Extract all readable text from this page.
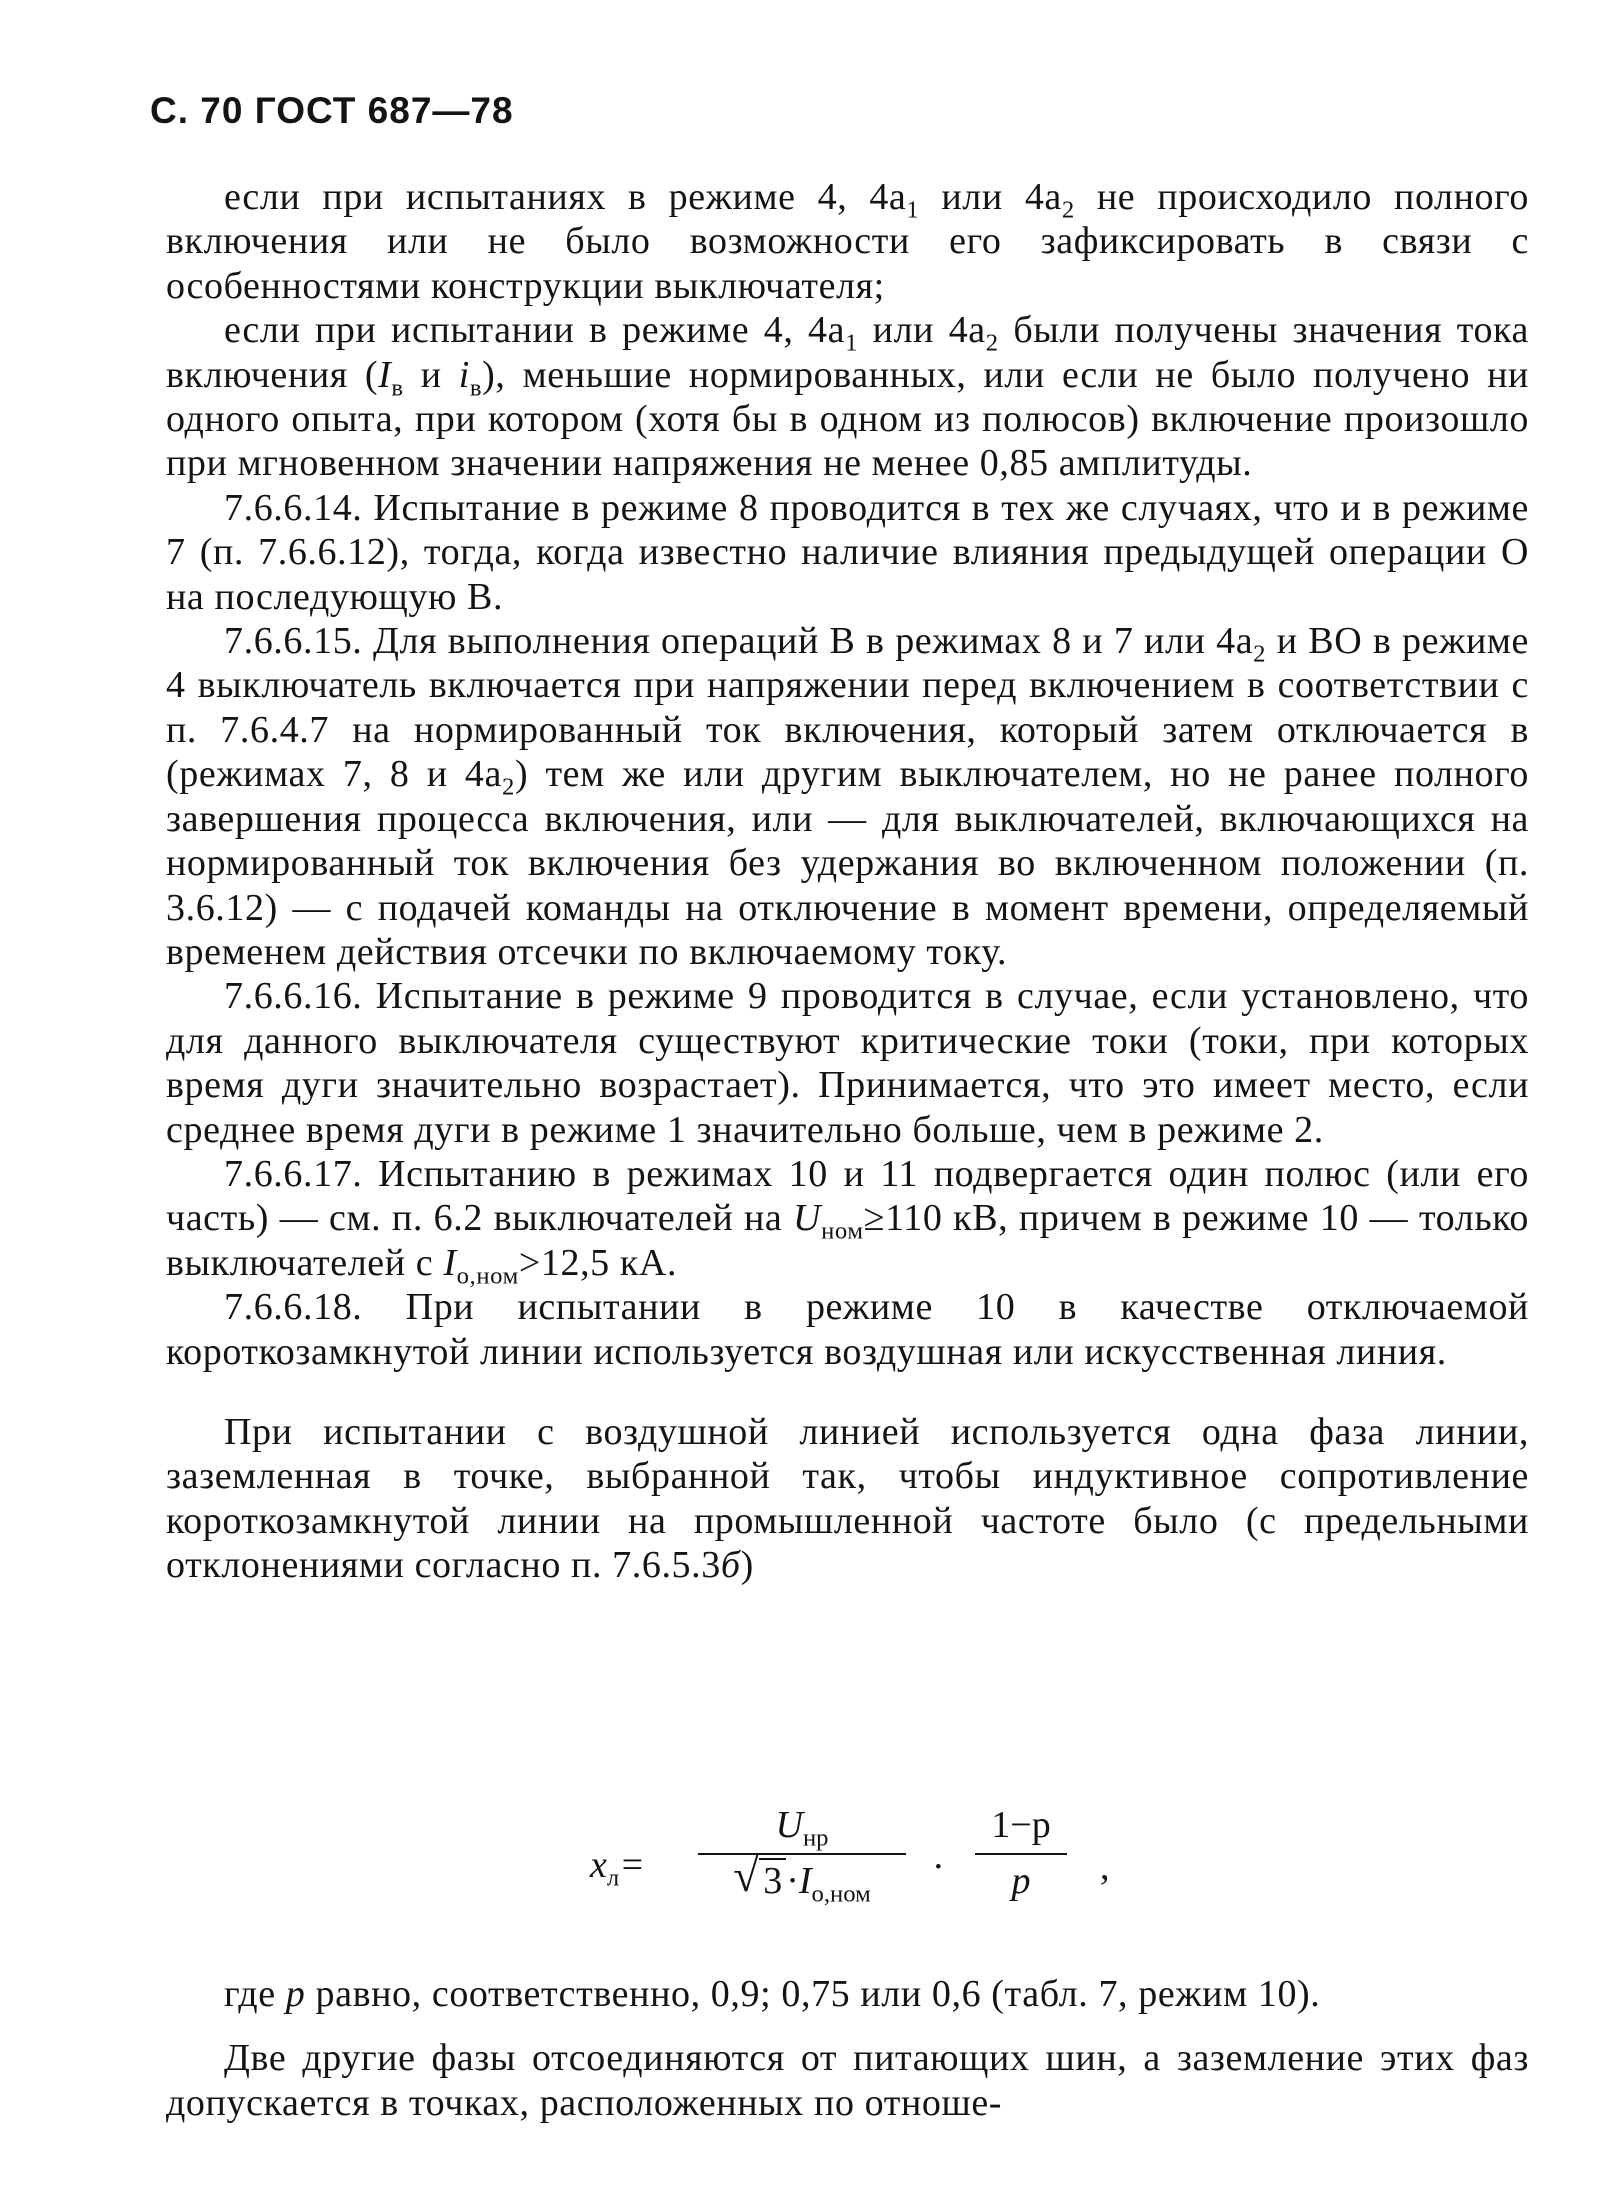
С. 70 ГОСТ 687—78

если при испытаниях в режиме 4, $4а_1$ или $4а_2$ не происходило полного включения или не было возможности его зафиксировать в связи с особенностями конструкции выключателя;

если при испытании в режиме 4, $4а_1$ или $4а_2$ были получены значения тока включения ($I_в$ и $i_в$), меньшие нормированных, или если не было получено ни одного опыта, при котором (хотя бы в одном из полюсов) включение произошло при мгновенном значении напряжения не менее 0,85 амплитуды.

7.6.6.14. Испытание в режиме 8 проводится в тех же случаях, что и в режиме 7 (п. 7.6.6.12), тогда, когда известно наличие влияния предыдущей операции О на последующую В.

7.6.6.15. Для выполнения операций В в режимах 8 и 7 или $4а_2$ и ВО в режиме 4 выключатель включается при напряжении перед включением в соответствии с п. 7.6.4.7 на нормированный ток включения, который затем отключается в (режимах 7, 8 и $4а_2$) тем же или другим выключателем, но не ранее полного завершения процесса включения, или — для выключателей, включающихся на нормированный ток включения без удержания во включенном положении (п. 3.6.12) — с подачей команды на отключение в момент времени, определяемый временем действия отсечки по включаемому току.

7.6.6.16. Испытание в режиме 9 проводится в случае, если установлено, что для данного выключателя существуют критические токи (токи, при которых время дуги значительно возрастает). Принимается, что это имеет место, если среднее время дуги в режиме 1 значительно больше, чем в режиме 2.

7.6.6.17. Испытанию в режимах 10 и 11 подвергается один полюс (или его часть) — см. п. 6.2 выключателей на $U_{ном}\ge 110$ кВ, причем в режиме 10 — только выключателей с $I_{о,ном}>12,5$ кА.

7.6.6.18. При испытании в режиме 10 в качестве отключаемой короткозамкнутой линии используется воздушная или искусственная линия.

При испытании с воздушной линией используется одна фаза линии, заземленная в точке, выбранной так, чтобы индуктивное сопротивление короткозамкнутой линии на промышленной частоте было (с предельными отклонениями согласно п. 7.6.5.3б)

$x_л=$
$U_{нр}$
√ $3 \cdot I_{о,ном}$
·
1−p
p	,

где p равно, соответственно, 0,9; 0,75 или 0,6 (табл. 7, режим 10).

Две другие фазы отсоединяются от питающих шин, а заземление этих фаз допускается в точках, расположенных по отноше-
